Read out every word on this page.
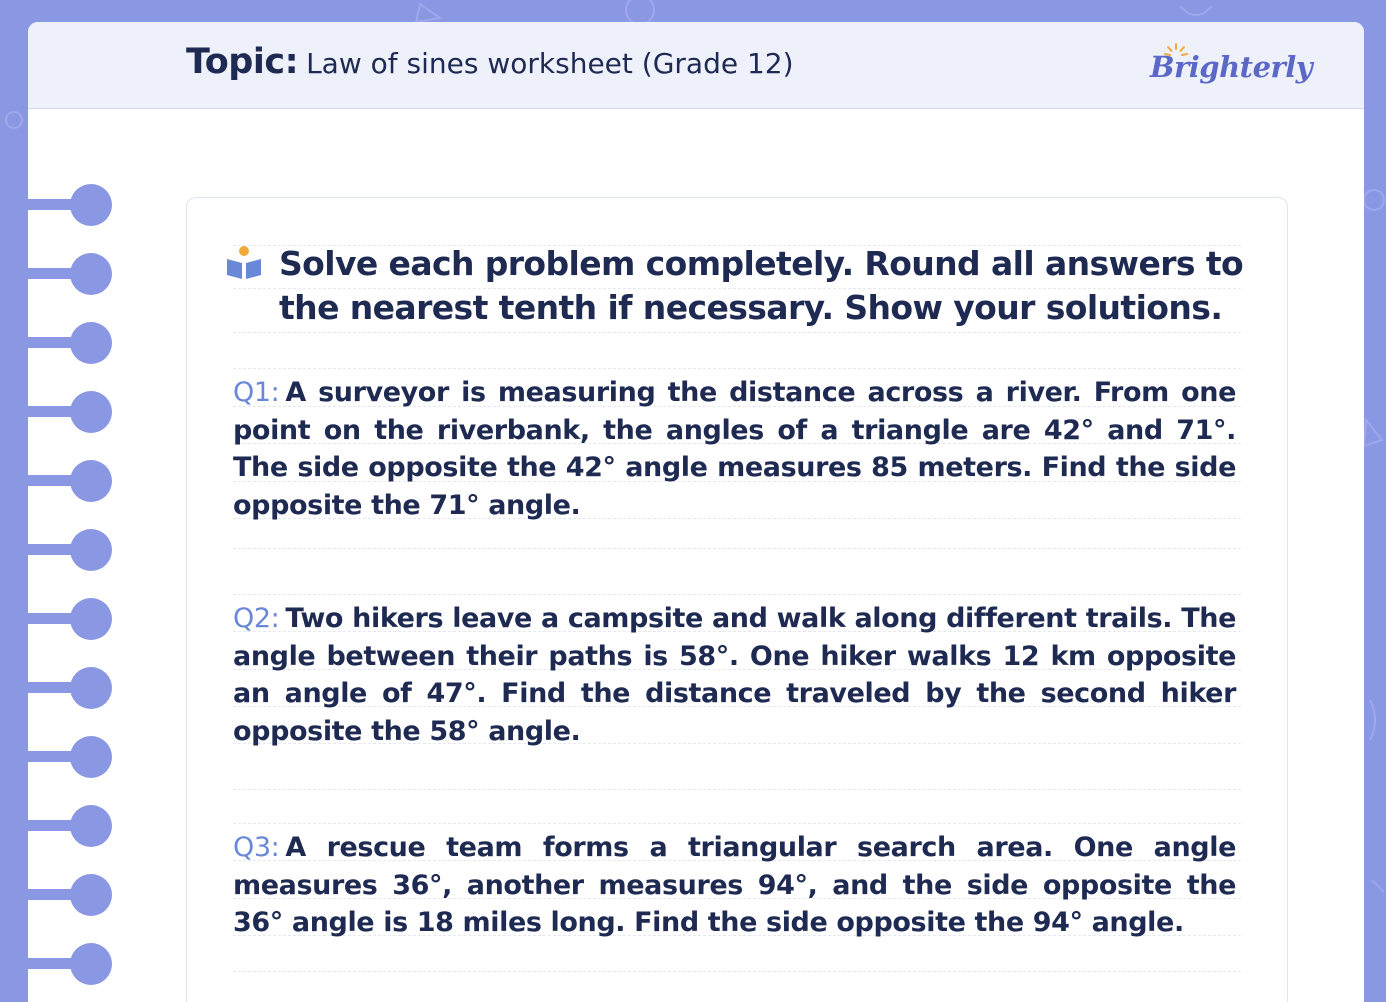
Topic: Law of sines worksheet (Grade 12)	Brighterly
Solve each problem completely. Round all answers to the nearest tenth if necessary. Show your solutions.
Q1: A surveyor is measuring the distance across a river. From one point on the riverbank, the angles of a triangle are 42° and 71°. The side opposite the 42° angle measures 85 meters. Find the side opposite the 71° angle.
Q2: Two hikers leave a campsite and walk along different trails. The angle between their paths is 58°. One hiker walks 12 km opposite an angle of 47°. Find the distance traveled by the second hiker opposite the 58° angle.
Q3: A rescue team forms a triangular search area. One angle measures 36°, another measures 94°, and the side opposite the 36° angle is 18 miles long. Find the side opposite the 94° angle.
